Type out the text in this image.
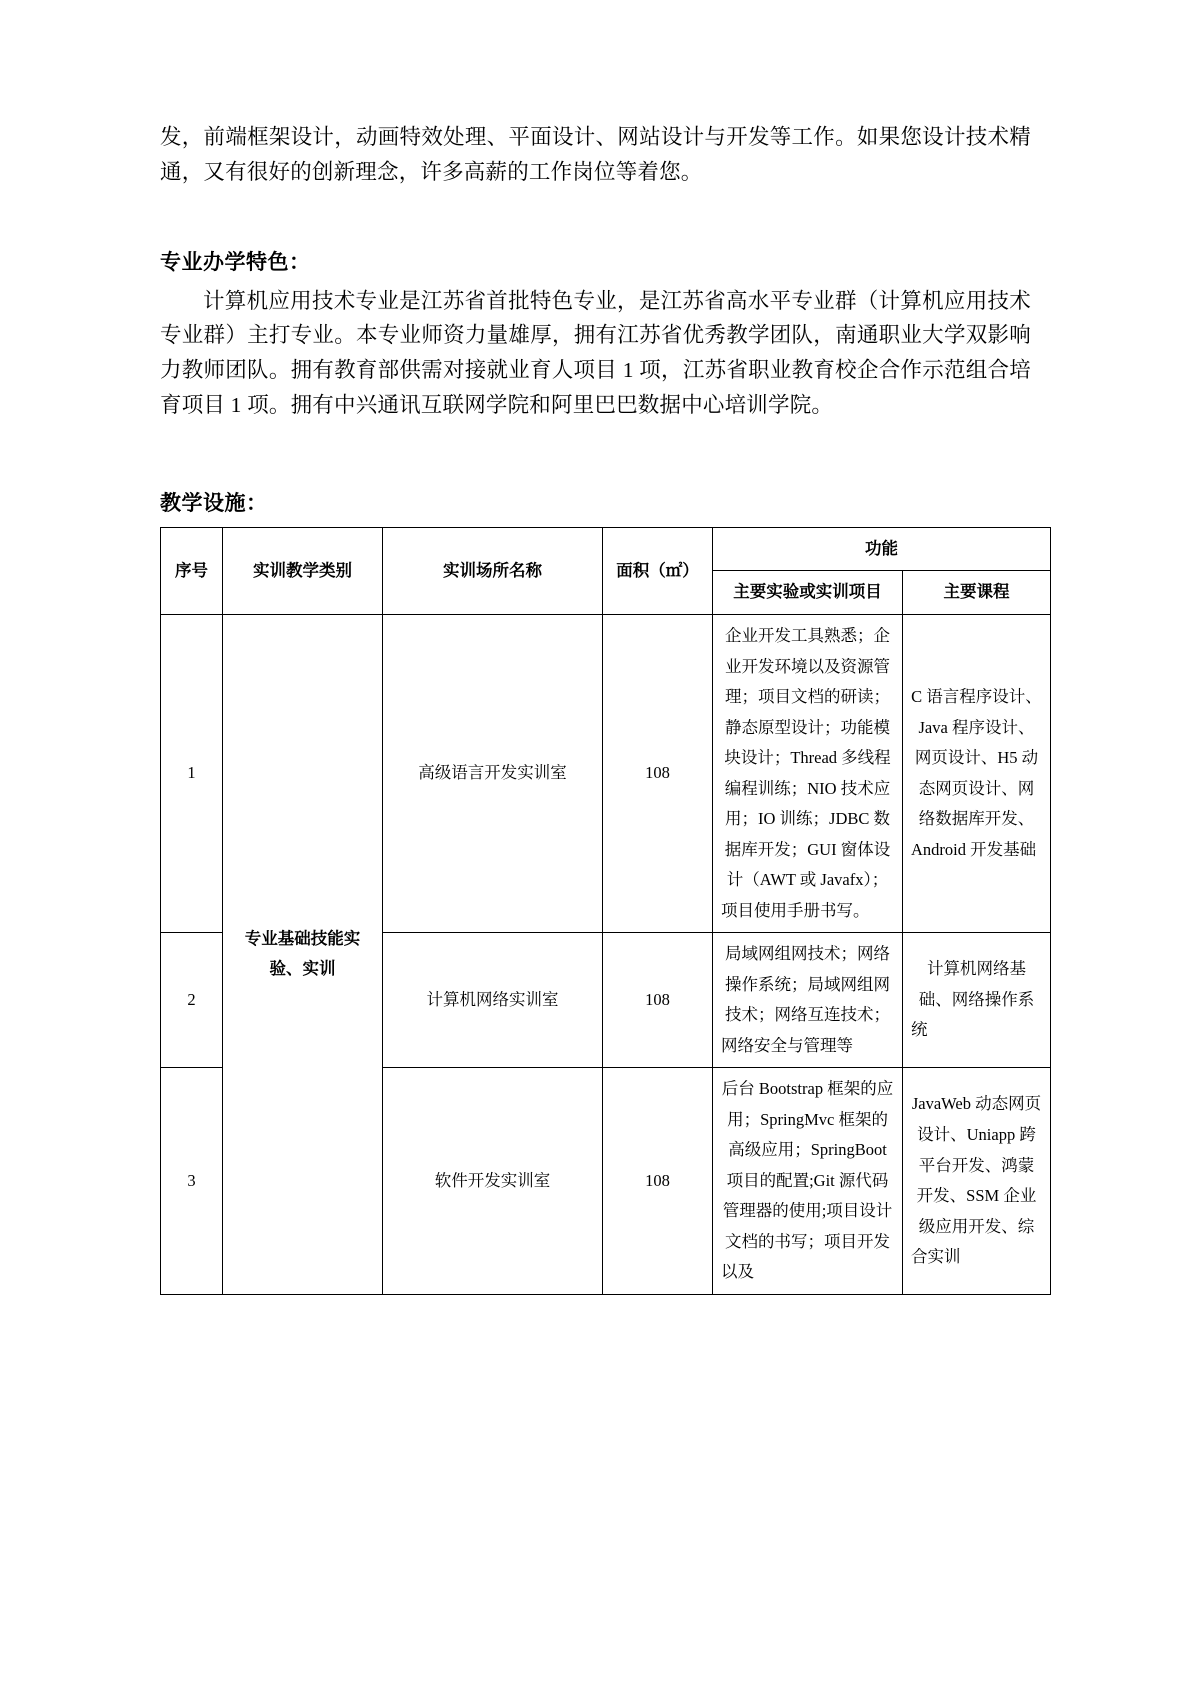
发，前端框架设计，动画特效处理、平面设计、网站设计与开发等工作。如果您设计技术精通，又有很好的创新理念，许多高薪的工作岗位等着您。

专业办学特色：

计算机应用技术专业是江苏省首批特色专业，是江苏省高水平专业群（计算机应用技术专业群）主打专业。本专业师资力量雄厚，拥有江苏省优秀教学团队，南通职业大学双影响力教师团队。拥有教育部供需对接就业育人项目 1 项，江苏省职业教育校企合作示范组合培育项目 1 项。拥有中兴通讯互联网学院和阿里巴巴数据中心培训学院。

教学设施：
序号	实训教学类别	实训场所名称	面积（㎡）	功能	
				主要实验或实训项目	主要课程
1	专业基础技能实验、实训	高级语言开发实训室	108	企业开发工具熟悉；企业开发环境以及资源管理；项目文档的研读；静态原型设计；功能模块设计；Thread 多线程编程训练；NIO 技术应用；IO 训练；JDBC 数据库开发；GUI 窗体设计（AWT 或 Javafx）；项目使用手册书写。	C 语言程序设计、Java 程序设计、网页设计、H5 动态网页设计、网络数据库开发、Android 开发基础
2		计算机网络实训室	108	局域网组网技术；网络操作系统；局域网组网技术；网络互连技术；网络安全与管理等	计算机网络基础、网络操作系统
3		软件开发实训室	108	后台 Bootstrap 框架的应用；SpringMvc 框架的高级应用；SpringBoot 项目的配置;Git 源代码管理器的使用;项目设计文档的书写；项目开发以及	JavaWeb 动态网页设计、Uniapp 跨平台开发、鸿蒙开发、SSM 企业级应用开发、综合实训
